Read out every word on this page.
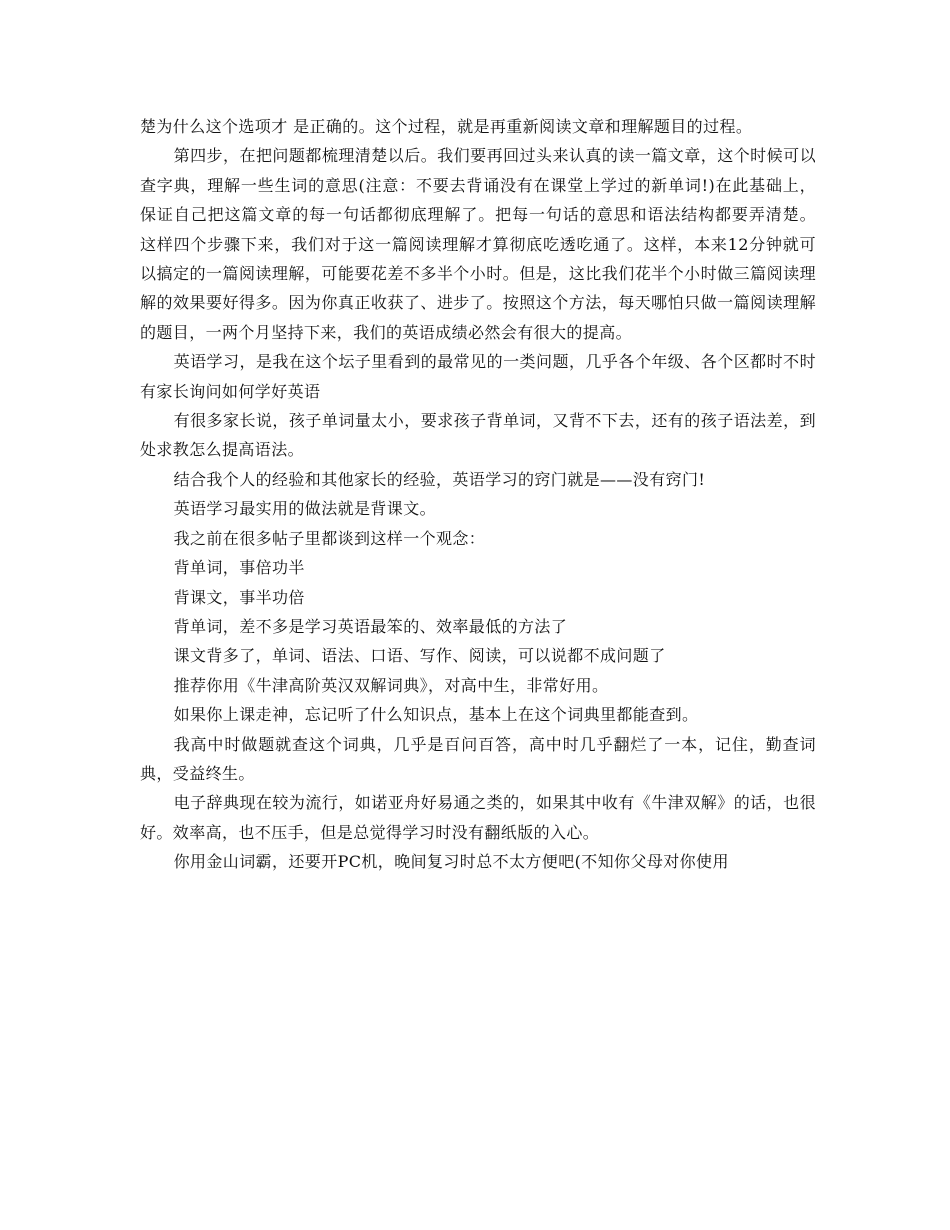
楚为什么这个选项才 是正确的。这个过程，就是再重新阅读文章和理解题目的过程。

第四步，在把问题都梳理清楚以后。我们要再回过头来认真的读一篇文章，这个时候可以查字典，理解一些生词的意思(注意：不要去背诵没有在课堂上学过的新单词!)在此基础上，保证自己把这篇文章的每一句话都彻底理解了。把每一句话的意思和语法结构都要弄清楚。 这样四个步骤下来，我们对于这一篇阅读理解才算彻底吃透吃通了。这样，本来12分钟就可以搞定的一篇阅读理解，可能要花差不多半个小时。但是，这比我们花半个小时做三篇阅读理解的效果要好得多。因为你真正收获了、进步了。按照这个方法，每天哪怕只做一篇阅读理解的题目，一两个月坚持下来，我们的英语成绩必然会有很大的提高。

英语学习，是我在这个坛子里看到的最常见的一类问题，几乎各个年级、各个区都时不时有家长询问如何学好英语

有很多家长说，孩子单词量太小，要求孩子背单词，又背不下去，还有的孩子语法差，到处求教怎么提高语法。

结合我个人的经验和其他家长的经验，英语学习的窍门就是——没有窍门!

英语学习最实用的做法就是背课文。

我之前在很多帖子里都谈到这样一个观念：

背单词，事倍功半

背课文，事半功倍

背单词，差不多是学习英语最笨的、效率最低的方法了

课文背多了，单词、语法、口语、写作、阅读，可以说都不成问题了

推荐你用《牛津高阶英汉双解词典》，对高中生，非常好用。

如果你上课走神，忘记听了什么知识点，基本上在这个词典里都能查到。

我高中时做题就查这个词典，几乎是百问百答，高中时几乎翻烂了一本，记住，勤查词典，受益终生。

电子辞典现在较为流行，如诺亚舟好易通之类的，如果其中收有《牛津双解》的话，也很好。效率高，也不压手，但是总觉得学习时没有翻纸版的入心。

你用金山词霸，还要开PC机，晚间复习时总不太方便吧(不知你父母对你使用
